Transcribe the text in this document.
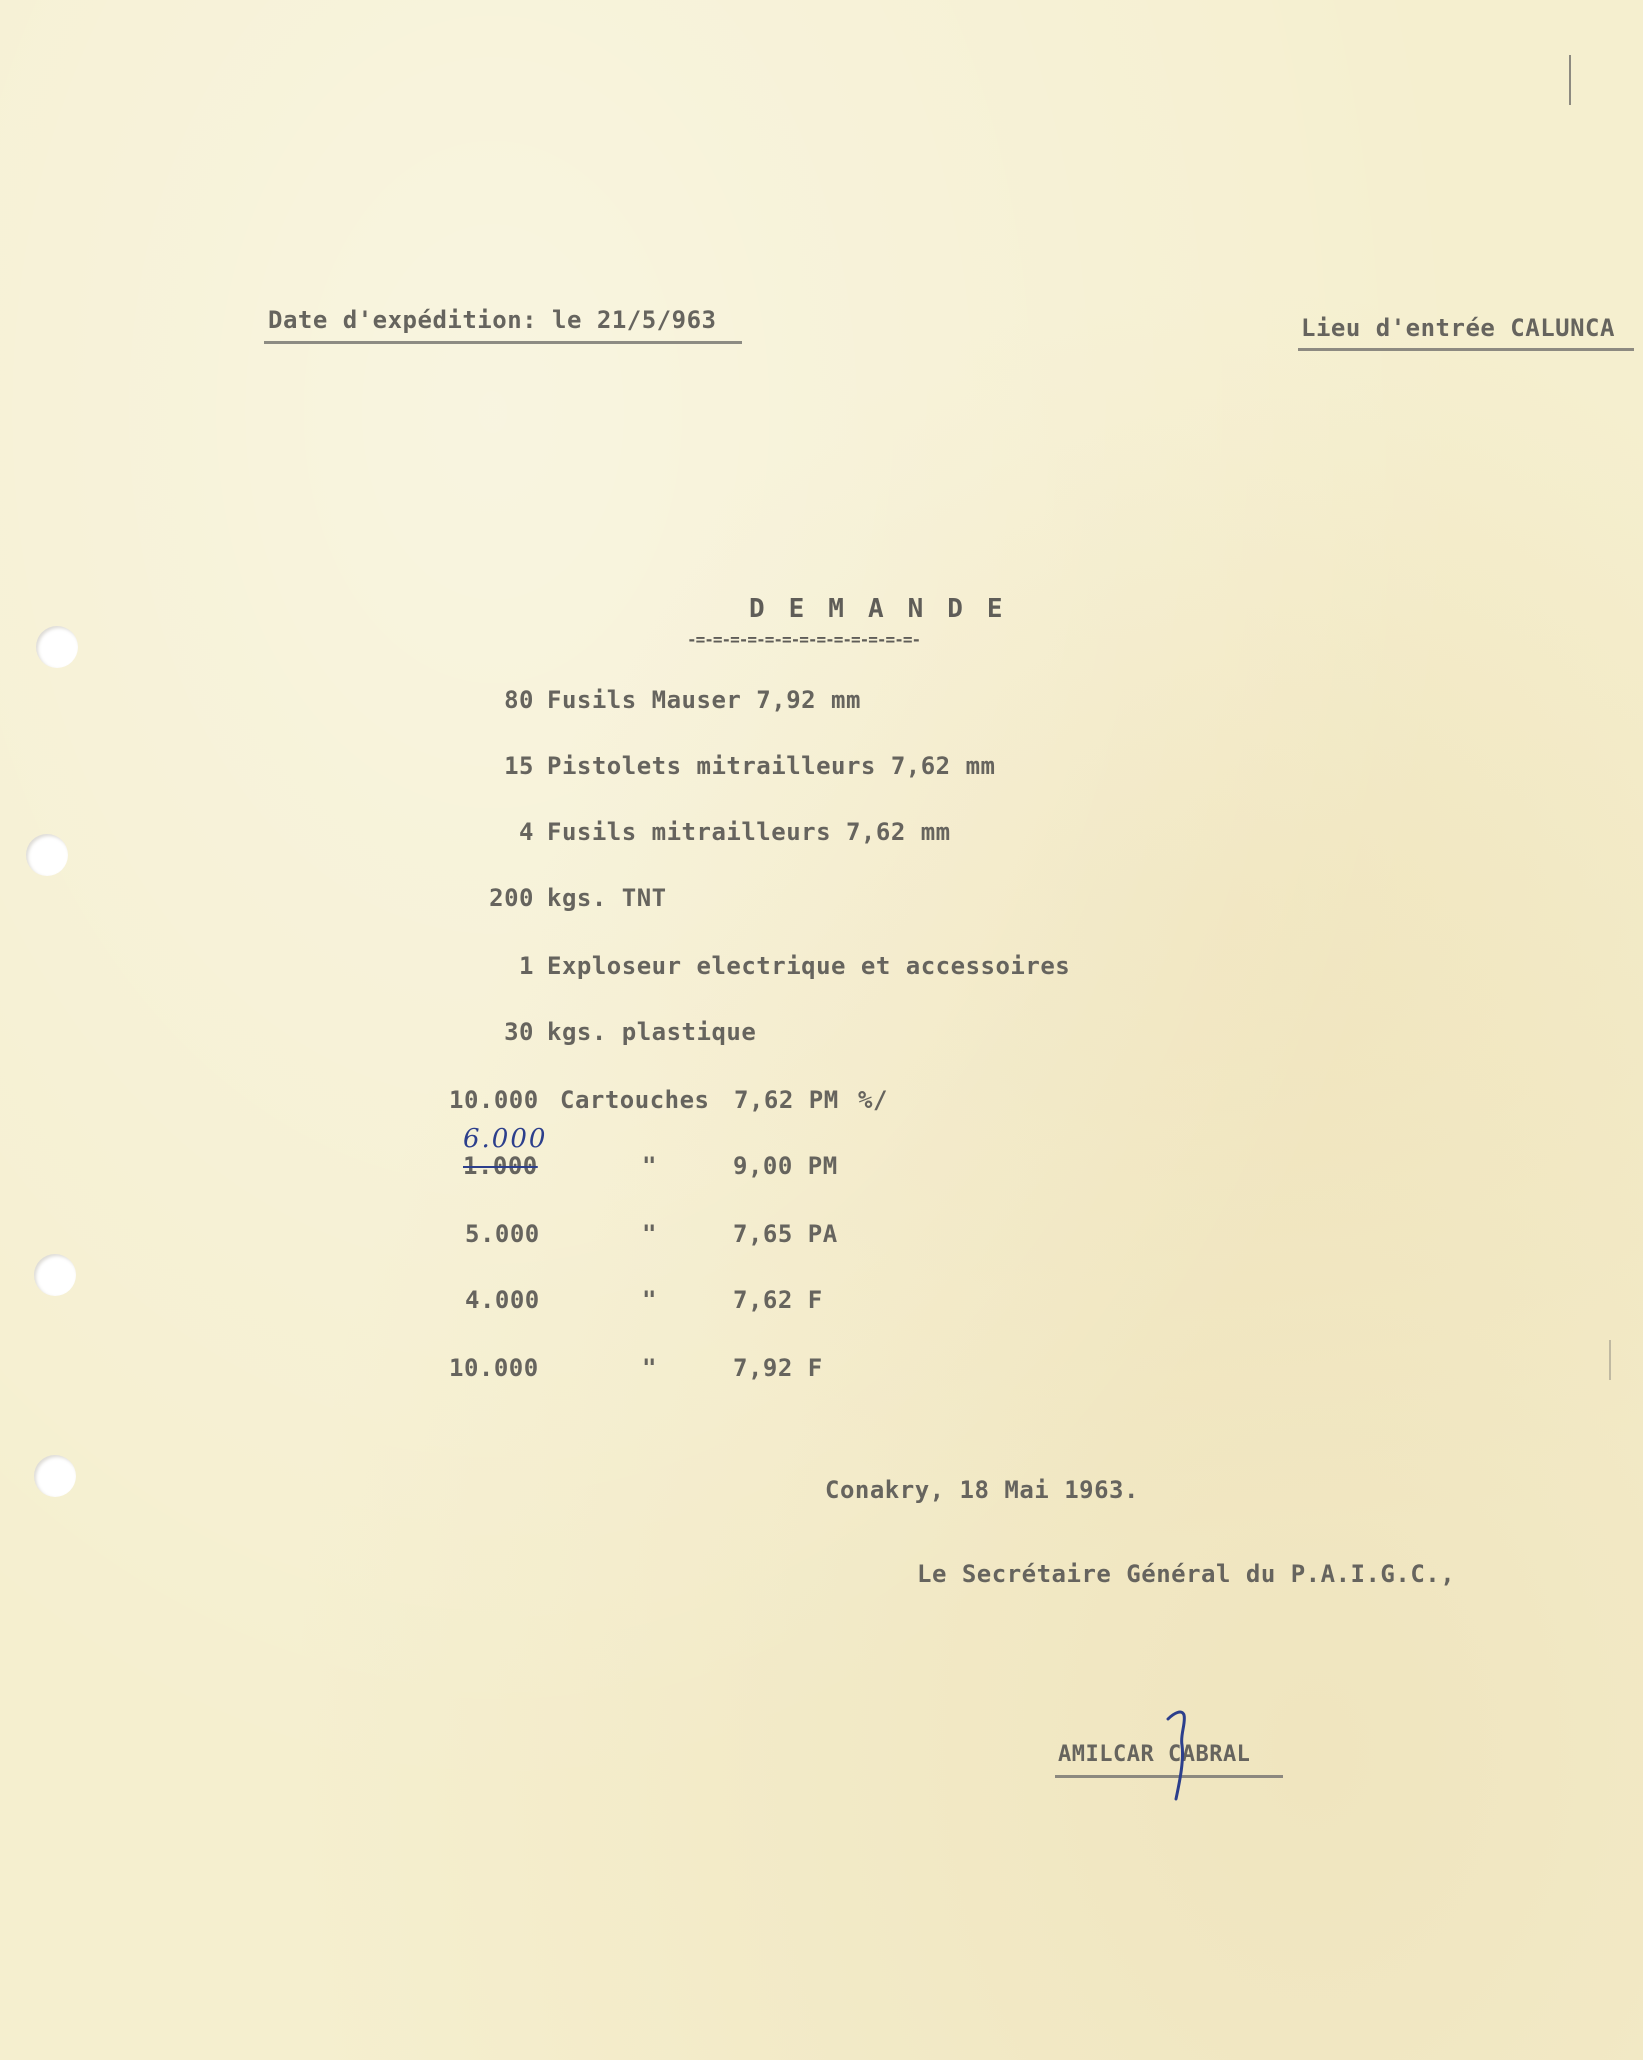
Date d'expédition: le 21/5/963	Lieu d'entrée CALUNCA
DEMANDE
-=-=-=-=-=-=-=-=-=-=-=-=-=-
80 Fusils Mauser 7,92 mm
15 Pistolets mitrailleurs 7,62 mm
4 Fusils mitrailleurs 7,62 mm
200 kgs. TNT
1 Exploseur electrique et accessoires
30 kgs. plastique
10.000 Cartouches 7,62 PM %/
6.000
1.000	"	9,00 PM
5.000	"	7,65 PA
4.000	"	7,62 F
10.000	"	7,92 F
Conakry, 18 Mai 1963.
Le Secrétaire Général du P.A.I.G.C.,
AMILCAR CABRAL
